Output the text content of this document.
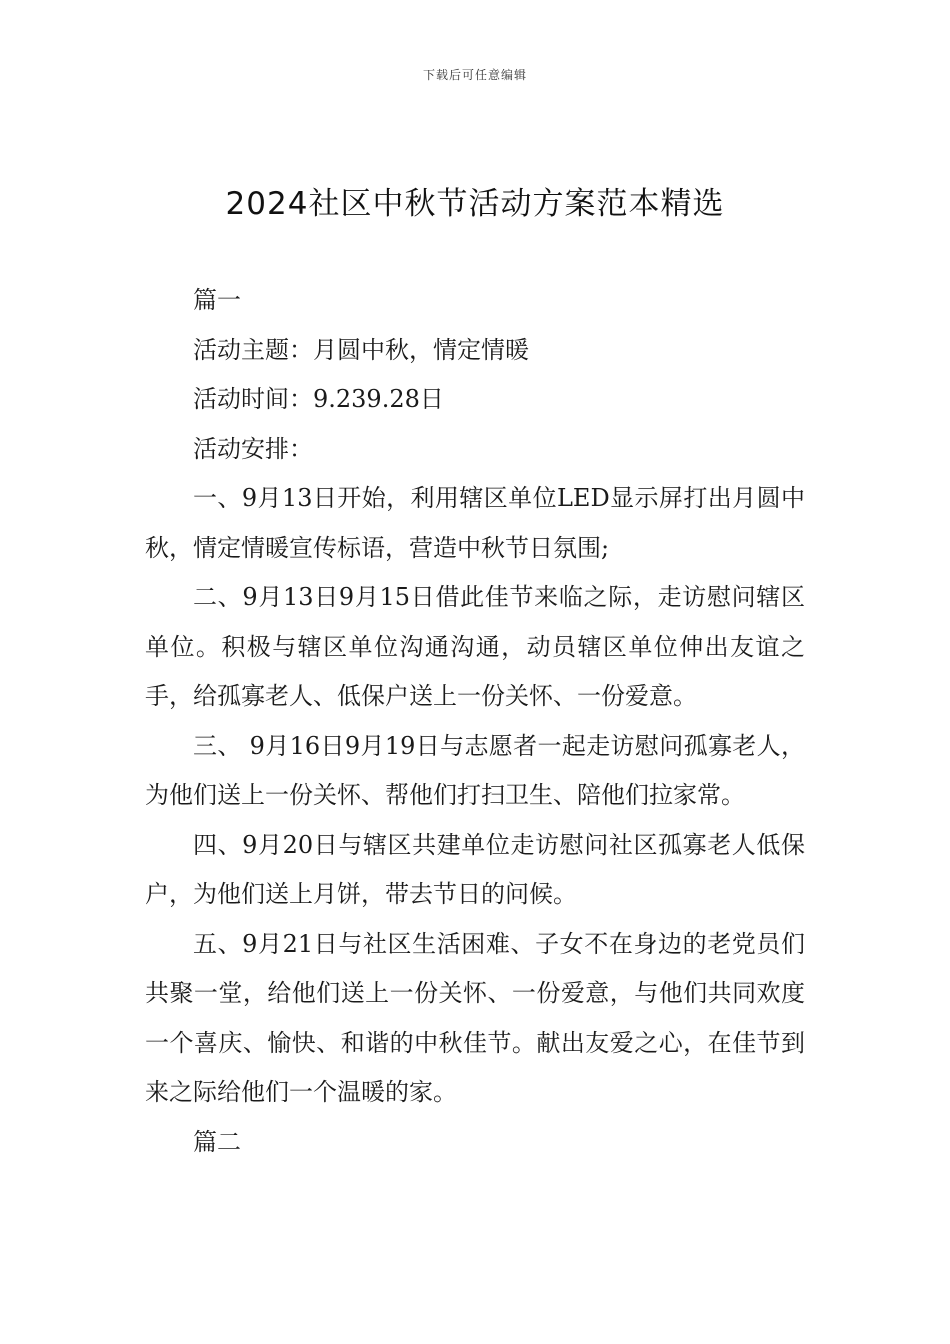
下载后可任意编辑
2024社区中秋节活动方案范本精选

篇一

活动主题：月圆中秋，情定情暖

活动时间：9.239.28日

活动安排：

一、9月13日开始，利用辖区单位LED显示屏打出月圆中秋，情定情暖宣传标语，营造中秋节日氛围;

二、9月13日9月15日借此佳节来临之际，走访慰问辖区单位。积极与辖区单位沟通沟通，动员辖区单位伸出友谊之手，给孤寡老人、低保户送上一份关怀、一份爱意。

三、 9月16日9月19日与志愿者一起走访慰问孤寡老人，为他们送上一份关怀、帮他们打扫卫生、陪他们拉家常。

四、9月20日与辖区共建单位走访慰问社区孤寡老人低保户，为他们送上月饼，带去节日的问候。

五、9月21日与社区生活困难、子女不在身边的老党员们共聚一堂，给他们送上一份关怀、一份爱意，与他们共同欢度一个喜庆、愉快、和谐的中秋佳节。献出友爱之心，在佳节到来之际给他们一个温暖的家。

篇二
